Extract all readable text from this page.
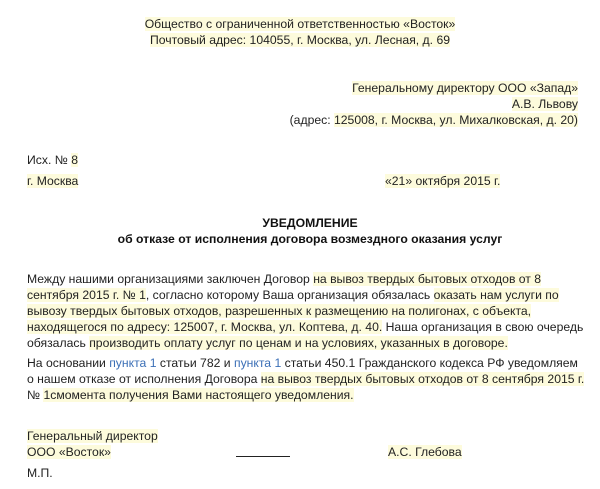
Общество с ограниченной ответственностью «Восток»
Почтовый адрес: 104055, г. Москва, ул. Лесная, д. 69
Генеральному директору ООО «Запад»
А.В. Львову
(адрес: 125008, г. Москва, ул. Михалковская, д. 20)
Исх. № 8
г. Москва	«21» октября 2015 г.
УВЕДОМЛЕНИЕ
об отказе от исполнения договора возмездного оказания услуг
Между нашими организациями заключен Договор на вывоз твердых бытовых отходов от 8
сентября 2015 г. № 1, согласно которому Ваша организация обязалась оказать нам услуги по
вывозу твердых бытовых отходов, разрешенных к размещению на полигонах, с объекта,
находящегося по адресу: 125007, г. Москва, ул. Коптева, д. 40. Наша организация в свою очередь
обязалась производить оплату услуг по ценам и на условиях, указанных в договоре.
На основании пункта 1 статьи 782 и пункта 1 статьи 450.1 Гражданского кодекса РФ уведомляем
о нашем отказе от исполнения Договора на вывоз твердых бытовых отходов от 8 сентября 2015 г.
№ 1смомента получения Вами настоящего уведомления.
Генеральный директор
ООО «Восток»	А.С. Глебова
М.П.
